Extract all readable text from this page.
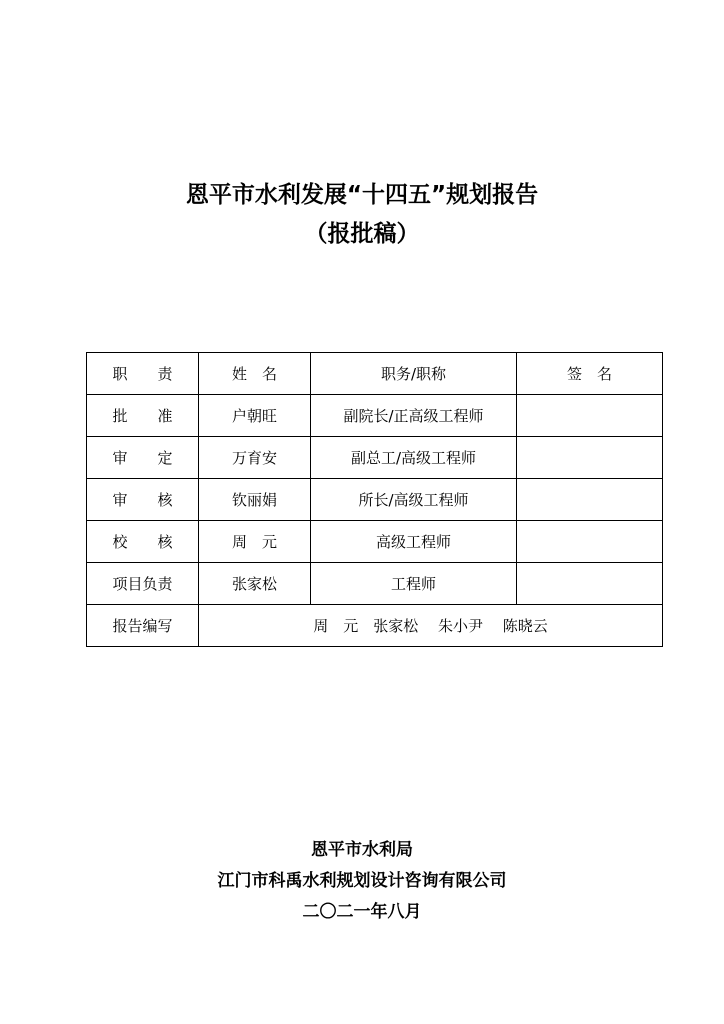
恩平市水利发展“十四五”规划报告
（报批稿）
职　　责	姓　名	职务/职称	签　名
批　　准	户朝旺	副院长/正高级工程师	
审　　定	万育安	副总工/高级工程师	
审　　核	钦丽娟	所长/高级工程师	
校　　核	周　元	高级工程师	
项目负责	张家松	工程师	
报告编写	周　元　张家松　 朱小尹　 陈晓云		

恩平市水利局

江门市科禹水利规划设计咨询有限公司

二〇二一年八月
